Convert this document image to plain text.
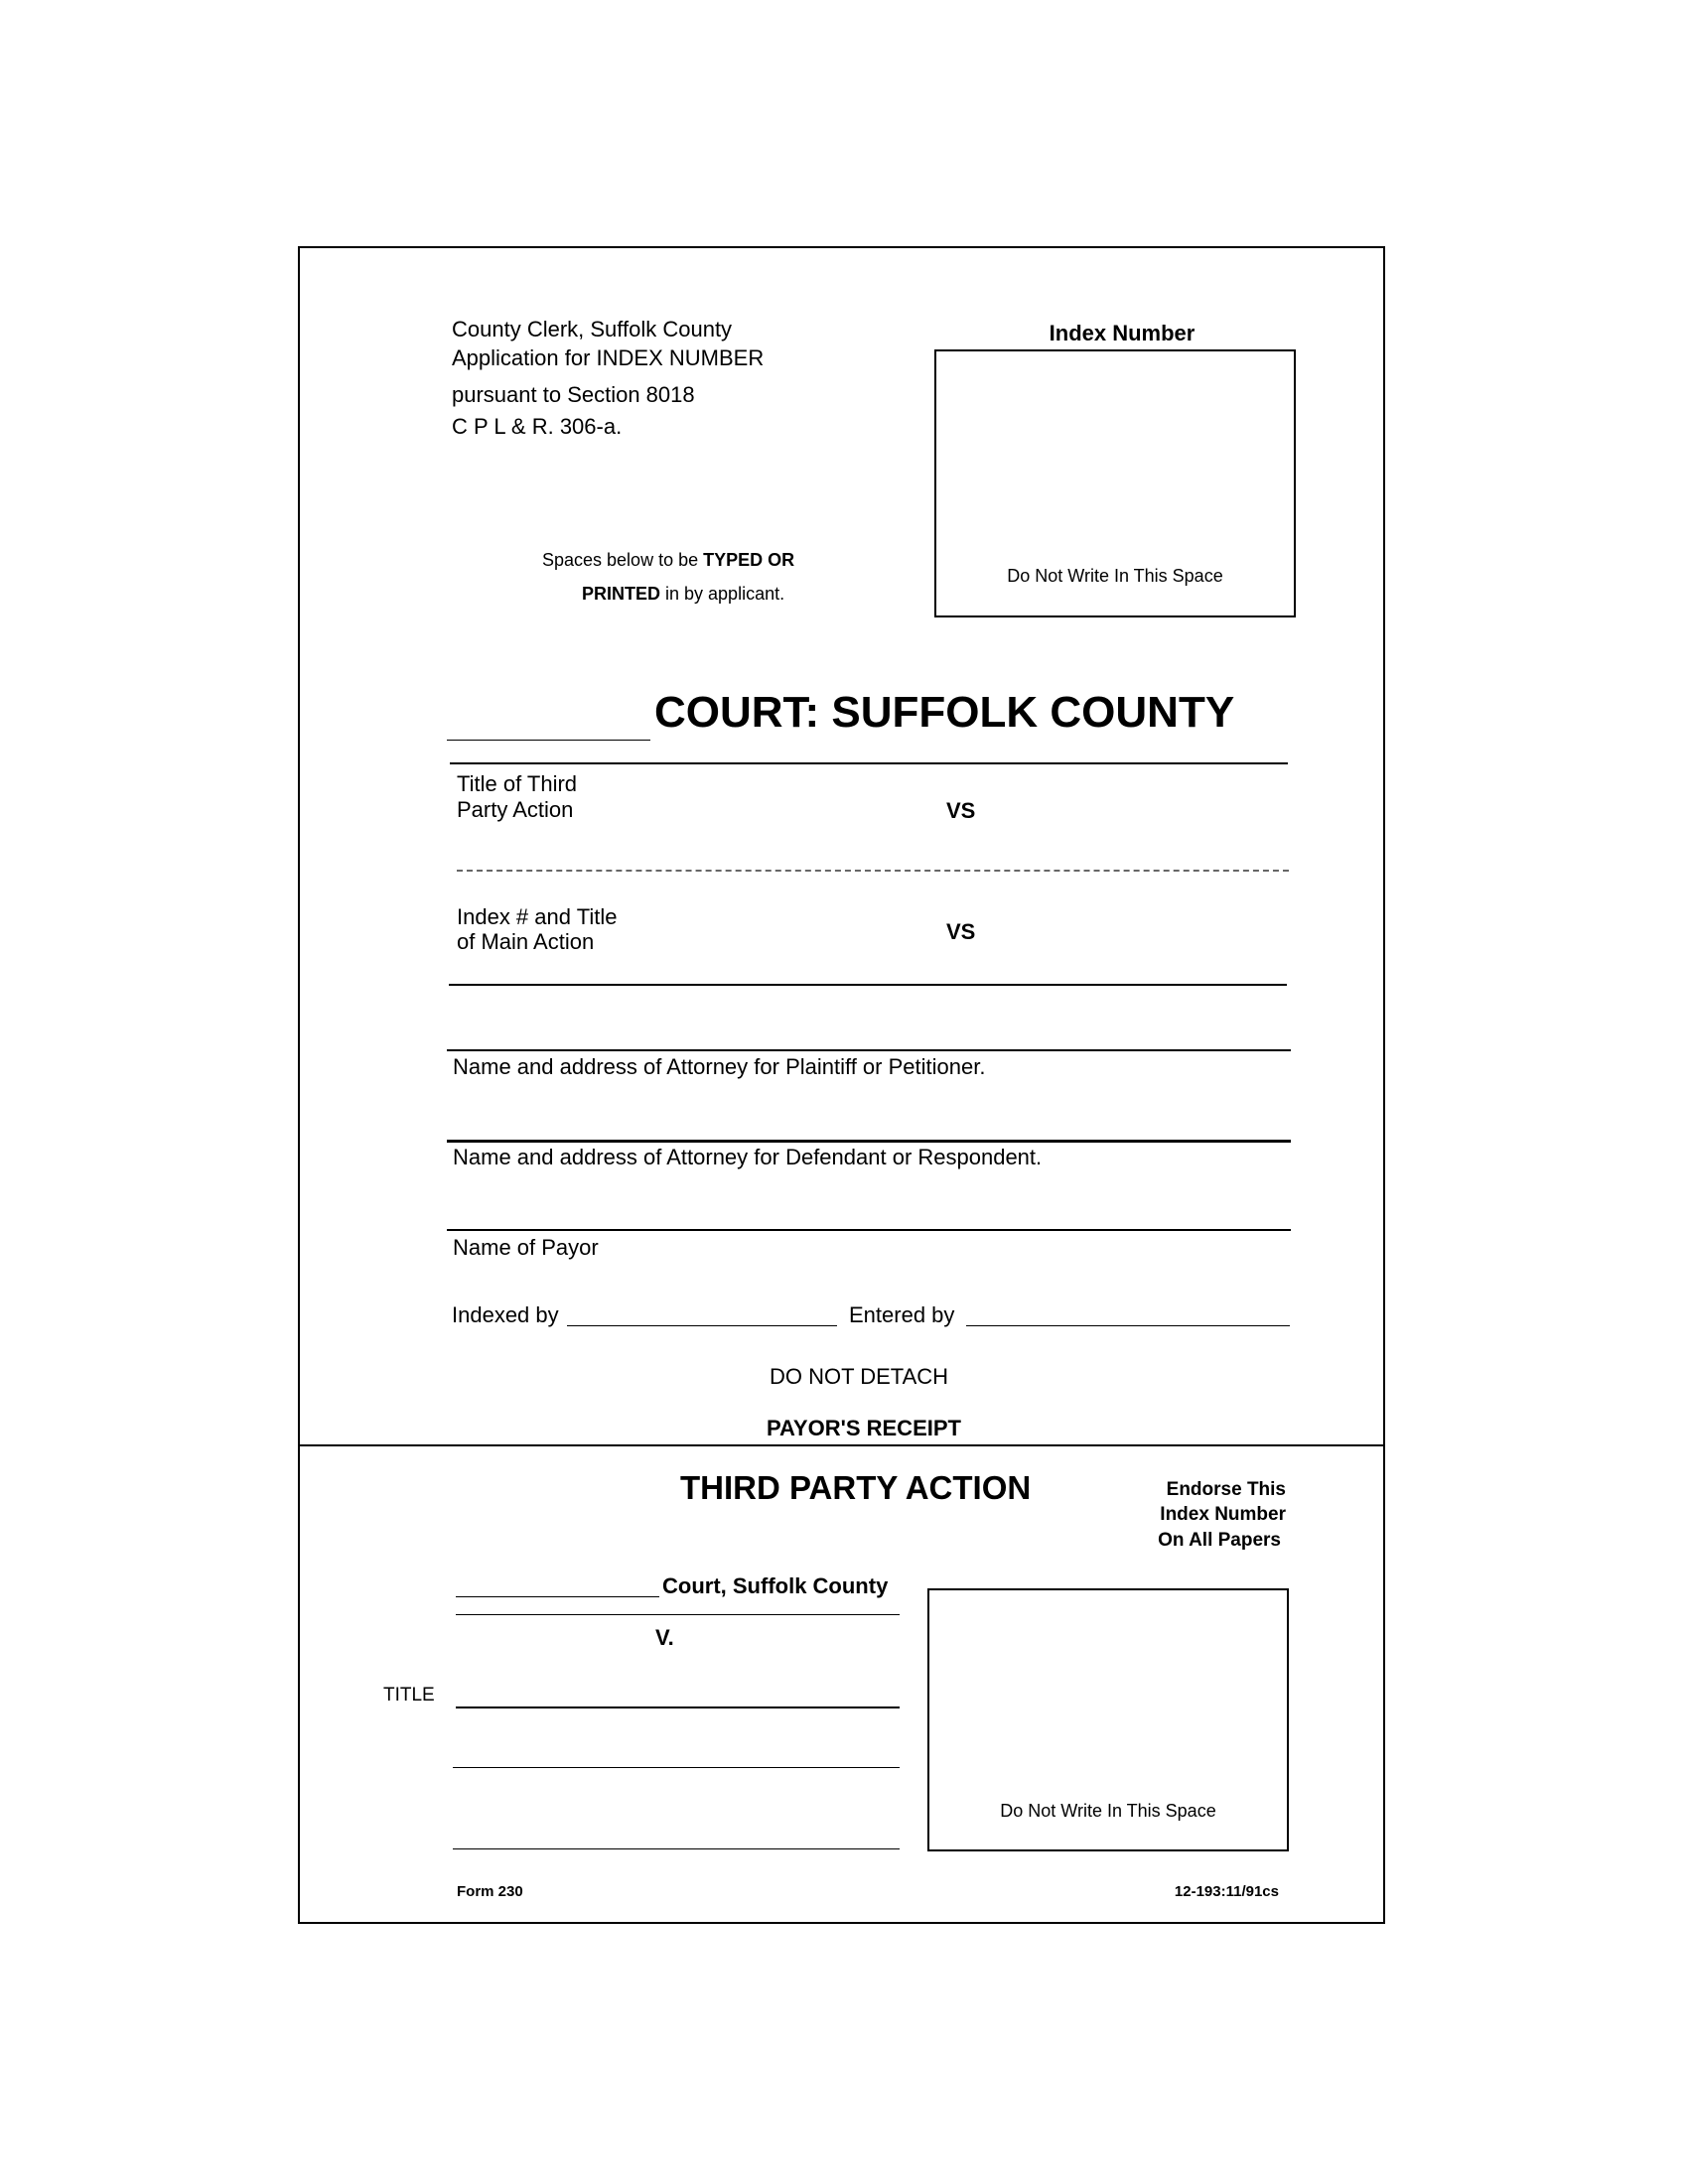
County Clerk, Suffolk County
Application for INDEX NUMBER
pursuant to Section 8018
C P L & R. 306-a.
Spaces below to be TYPED OR
PRINTED in by applicant.
Index Number
Do Not Write In This Space
COURT: SUFFOLK COUNTY
Title of Third
Party Action	VS
Index # and Title
of Main Action	VS
Name and address of Attorney for Plaintiff or Petitioner.
Name and address of Attorney for Defendant or Respondent.
Name of Payor
Indexed by	Entered by
DO NOT DETACH
PAYOR'S RECEIPT
THIRD PARTY ACTION	Endorse This
Index Number
On All Papers
Court, Suffolk County
V.
TITLE
Do Not Write In This Space
Form 230	12-193:11/91cs
